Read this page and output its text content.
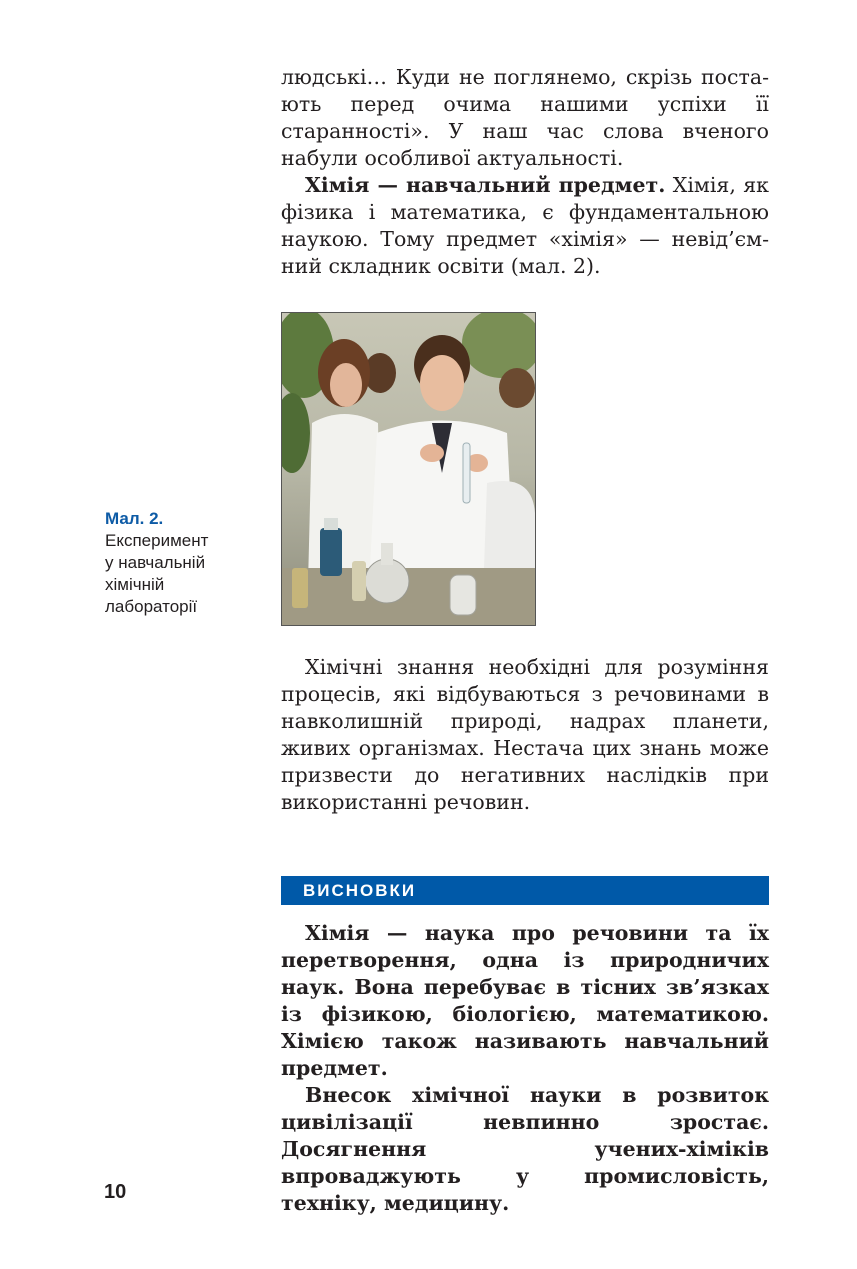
людські… Куди не поглянемо, скрізь постають перед очима нашими успіхи її старанності». У наш час слова вченого набули особливої актуальності.

Хімія — навчальний предмет. Хімія, як фізика і математика, є фундаментальною наукою. Тому предмет «хімія» — невід’ємний складник освіти (мал. 2).

Мал. 2.
Експеримент
у навчальній
хімічній
лабораторії

Хімічні знання необхідні для розуміння процесів, які відбуваються з речовинами в навколишній природі, надрах планети, живих організмах. Нестача цих знань може призвести до негативних наслідків при використанні речовин.

ВИСНОВКИ

Хімія — наука про речовини та їх перетворення, одна із природничих наук. Вона перебуває в тісних зв’язках із фізикою, біологією, математикою. Хімією також називають навчальний предмет.

Внесок хімічної науки в розвиток цивілізації невпинно зростає. Досягнення учених-хіміків впроваджують у промисловість, техніку, медицину.

10
